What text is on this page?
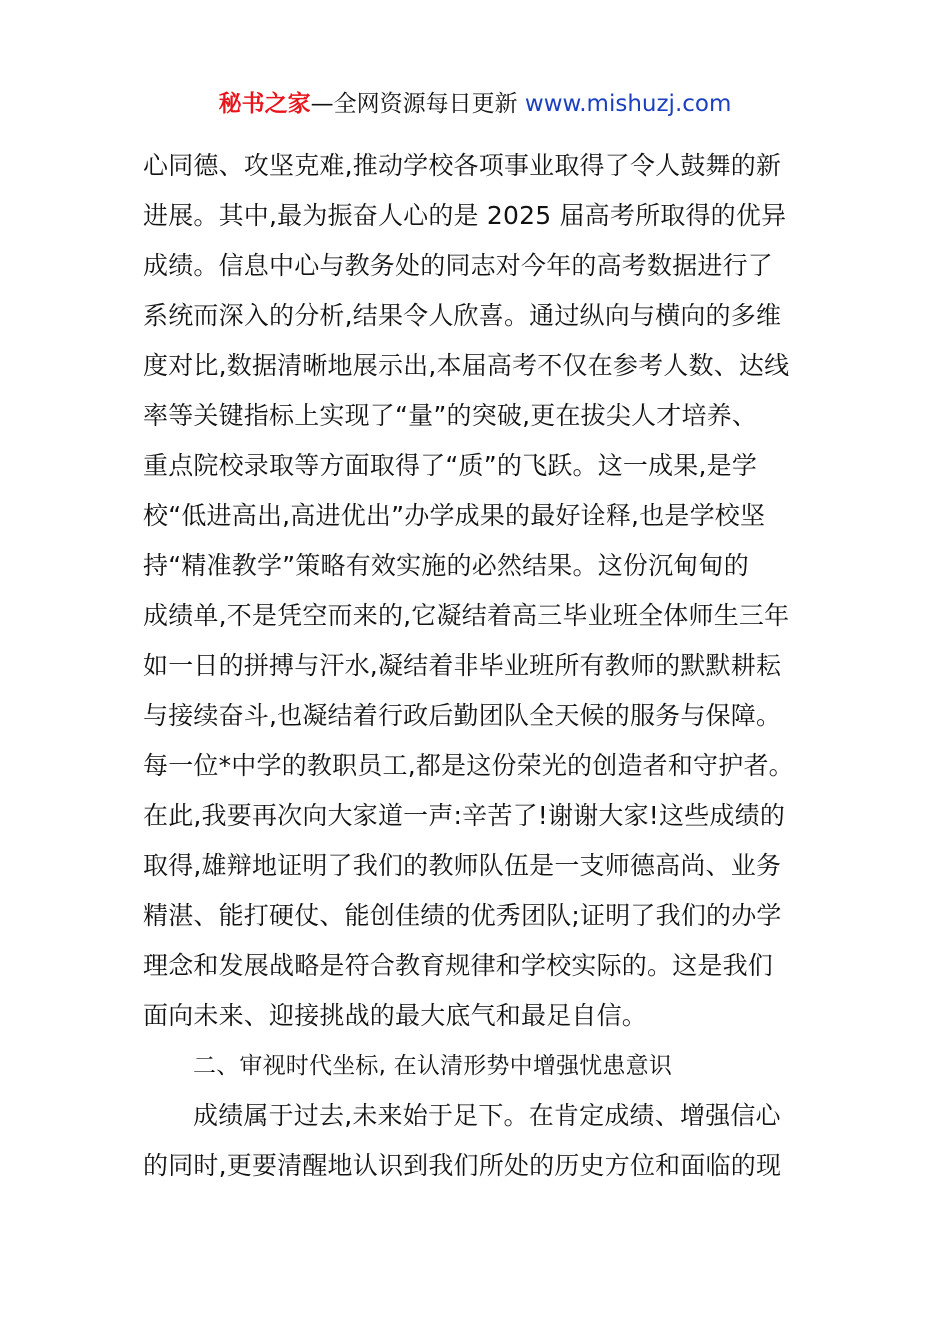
秘书之家—全网资源每日更新 www.mishuzj.com
心同德、攻坚克难,推动学校各项事业取得了令人鼓舞的新
进展。其中,最为振奋人心的是 2025 届高考所取得的优异
成绩。信息中心与教务处的同志对今年的高考数据进行了
系统而深入的分析,结果令人欣喜。通过纵向与横向的多维
度对比,数据清晰地展示出,本届高考不仅在参考人数、达线
率等关键指标上实现了“量”的突破,更在拔尖人才培养、
重点院校录取等方面取得了“质”的飞跃。这一成果,是学
校“低进高出,高进优出”办学成果的最好诠释,也是学校坚
持“精准教学”策略有效实施的必然结果。这份沉甸甸的
成绩单,不是凭空而来的,它凝结着高三毕业班全体师生三年
如一日的拼搏与汗水,凝结着非毕业班所有教师的默默耕耘
与接续奋斗,也凝结着行政后勤团队全天候的服务与保障。
每一位*中学的教职员工,都是这份荣光的创造者和守护者。
在此,我要再次向大家道一声:辛苦了!谢谢大家!这些成绩的
取得,雄辩地证明了我们的教师队伍是一支师德高尚、业务
精湛、能打硬仗、能创佳绩的优秀团队;证明了我们的办学
理念和发展战略是符合教育规律和学校实际的。这是我们
面向未来、迎接挑战的最大底气和最足自信。
二、审视时代坐标, 在认清形势中增强忧患意识
成绩属于过去,未来始于足下。在肯定成绩、增强信心
的同时,更要清醒地认识到我们所处的历史方位和面临的现
